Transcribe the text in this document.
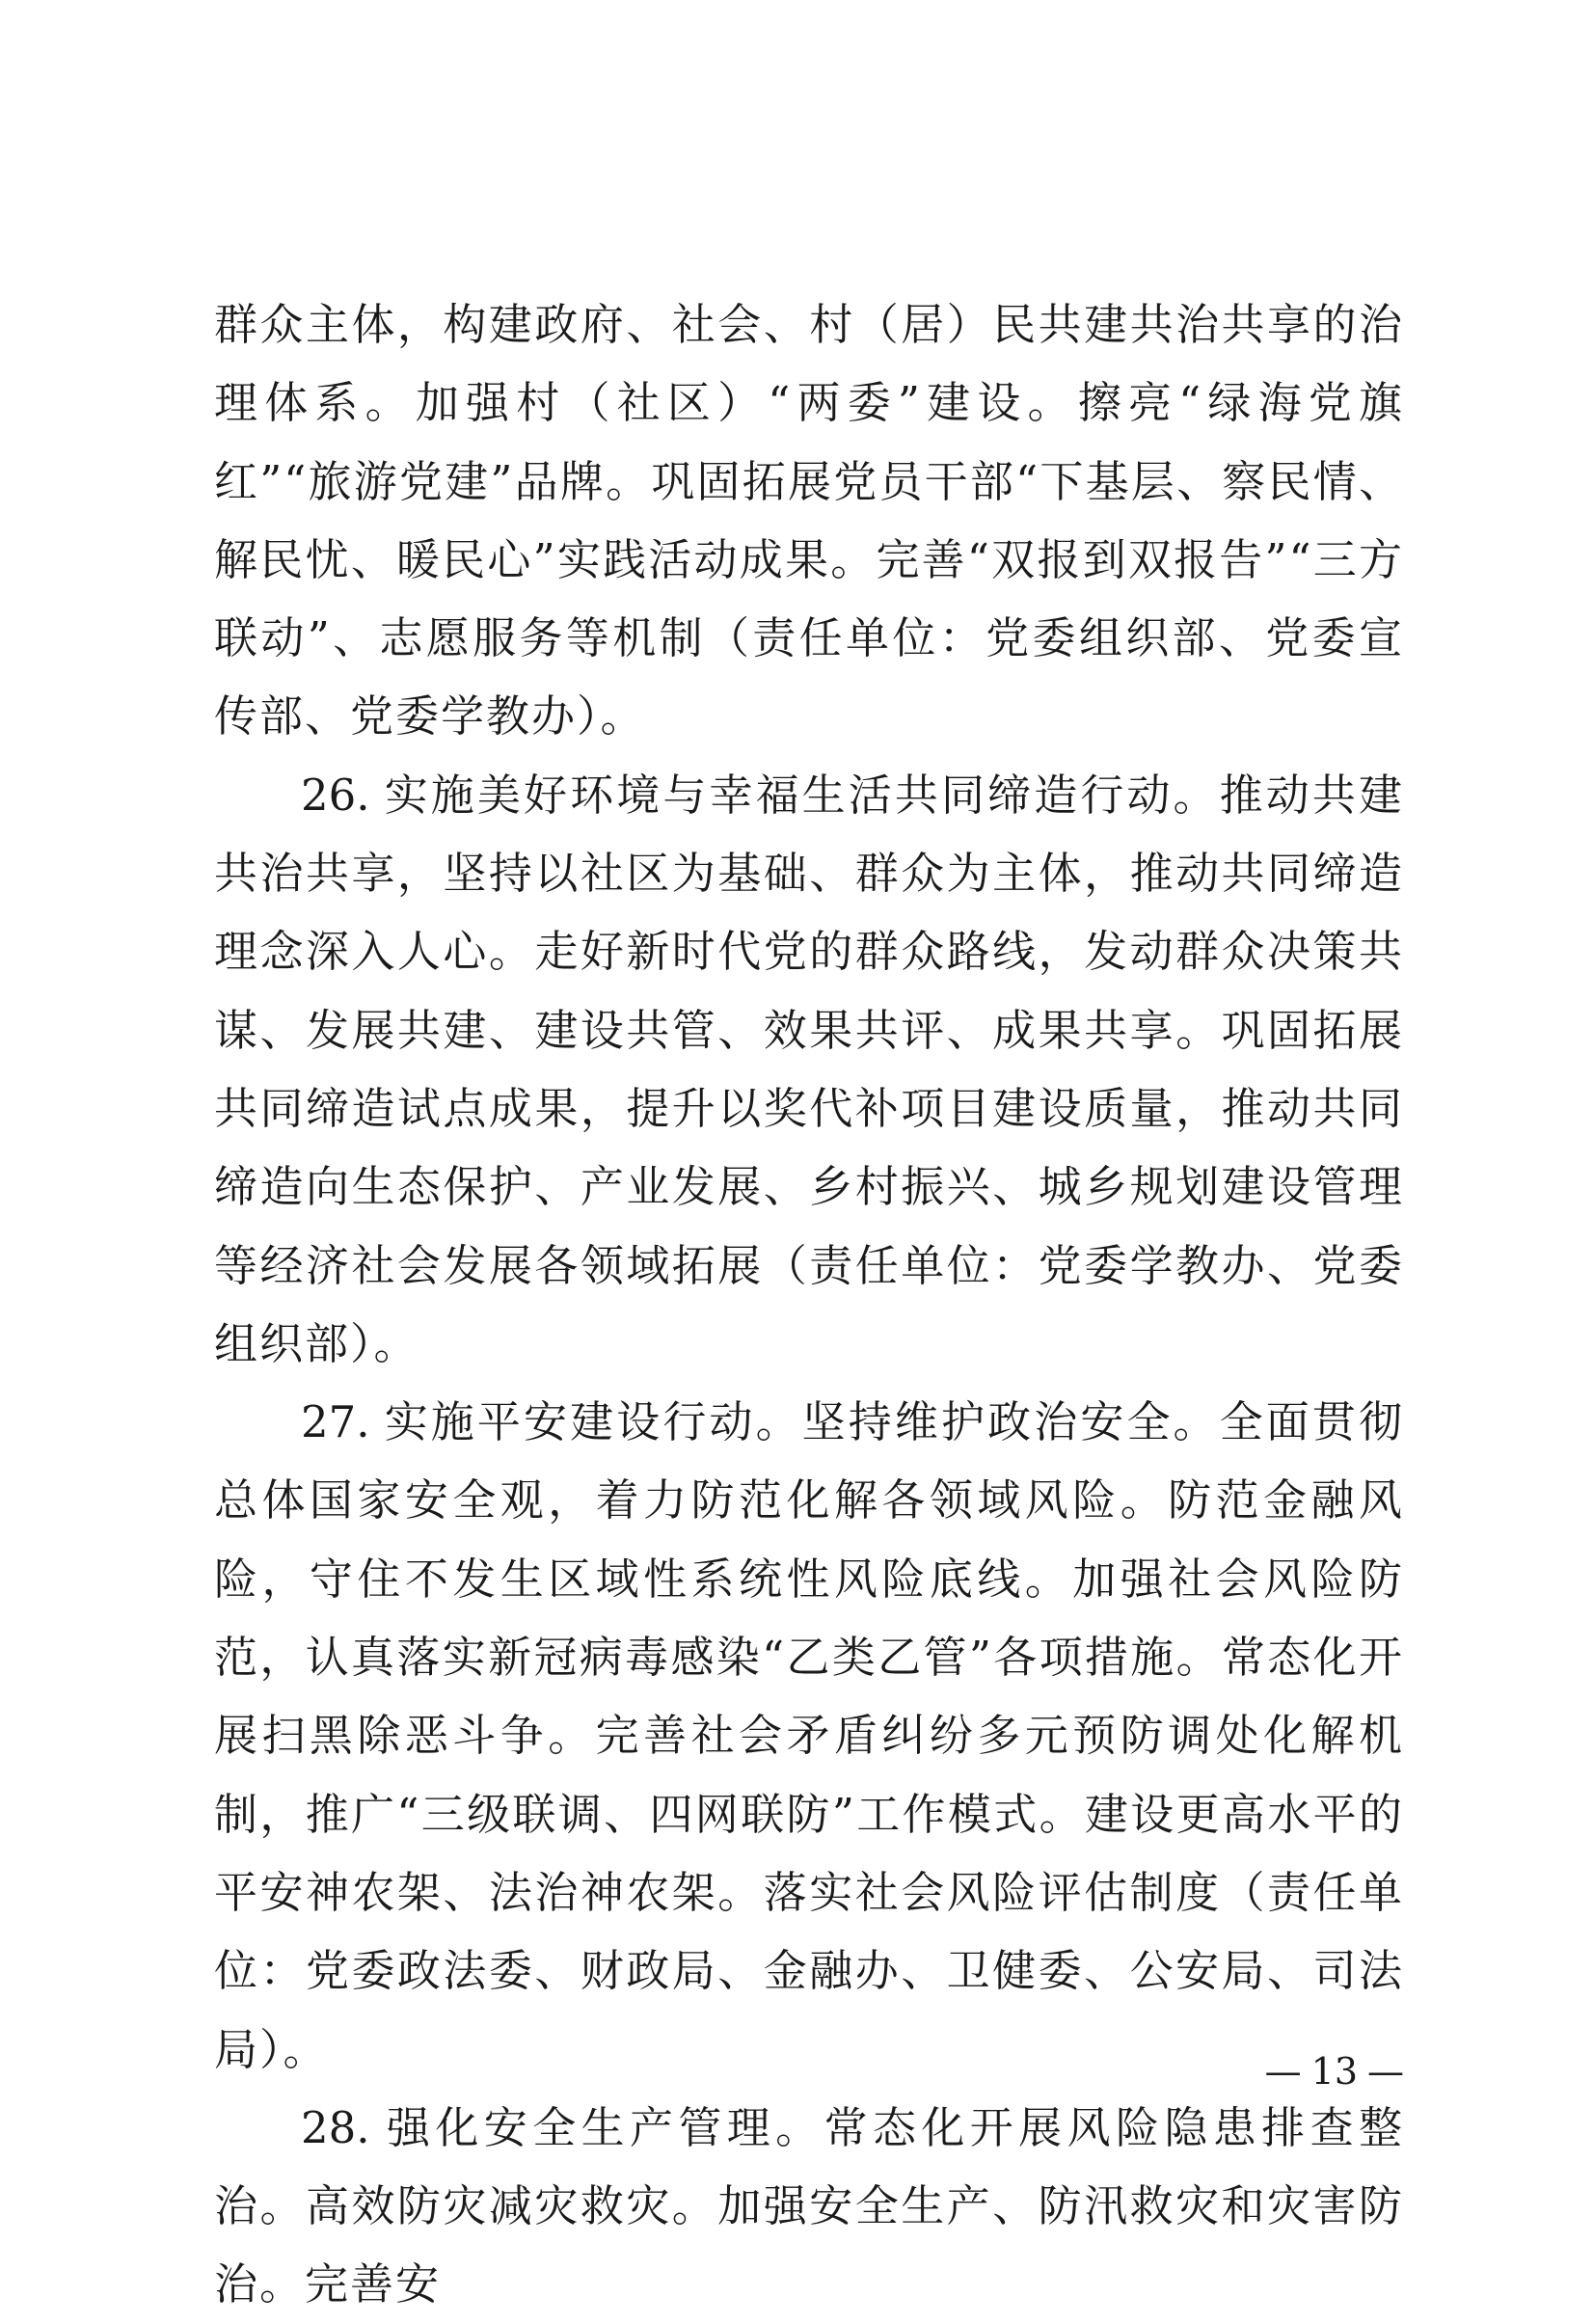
群众主体，构建政府、社会、村（居）民共建共治共享的治理体系。加强村（社区）“两委”建设。擦亮“绿海党旗红”“旅游党建”品牌。巩固拓展党员干部“下基层、察民情、解民忧、暖民心”实践活动成果。完善“双报到双报告”“三方联动”、志愿服务等机制（责任单位：党委组织部、党委宣传部、党委学教办）。

26. 实施美好环境与幸福生活共同缔造行动。推动共建共治共享，坚持以社区为基础、群众为主体，推动共同缔造理念深入人心。走好新时代党的群众路线，发动群众决策共谋、发展共建、建设共管、效果共评、成果共享。巩固拓展共同缔造试点成果，提升以奖代补项目建设质量，推动共同缔造向生态保护、产业发展、乡村振兴、城乡规划建设管理等经济社会发展各领域拓展（责任单位：党委学教办、党委组织部）。

27. 实施平安建设行动。坚持维护政治安全。全面贯彻总体国家安全观，着力防范化解各领域风险。防范金融风险，守住不发生区域性系统性风险底线。加强社会风险防范，认真落实新冠病毒感染“乙类乙管”各项措施。常态化开展扫黑除恶斗争。完善社会矛盾纠纷多元预防调处化解机制，推广“三级联调、四网联防”工作模式。建设更高水平的平安神农架、法治神农架。落实社会风险评估制度（责任单位：党委政法委、财政局、金融办、卫健委、公安局、司法局）。

28. 强化安全生产管理。常态化开展风险隐患排查整治。高效防灾减灾救灾。加强安全生产、防汛救灾和灾害防治。完善安

— 13 —
